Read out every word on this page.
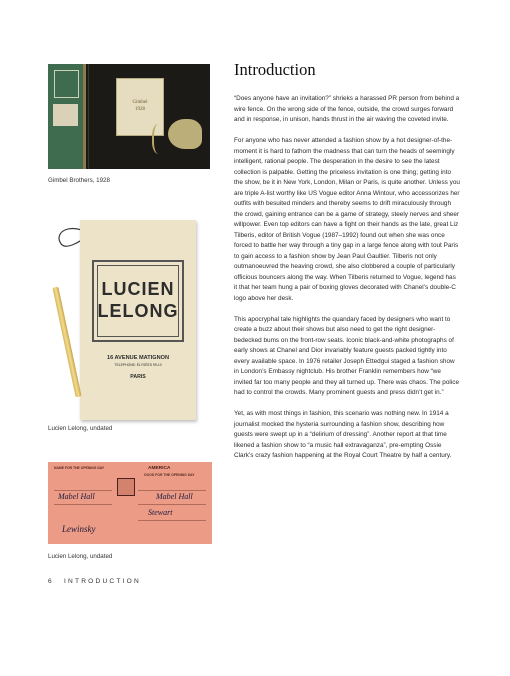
Gimbel
1928
Gimbel Brothers, 1928
LUCIEN
LELONG
16 AVENUE MATIGNON
TELEPHONE: ÉLYSÉES 99-10
PARIS
Lucien Lelong, undated
NAME FOR THE OPENING DAY	AMERICA
GOOD FOR THE OPENING DAY
Mabel Hall	Mabel Hall
Lewinsky
Stewart
Lucien Lelong, undated
Introduction

“Does anyone have an invitation?” shrieks a harassed PR person from behind a wire fence. On the wrong side of the fence, outside, the crowd surges forward and in response, in unison, hands thrust in the air waving the coveted invite.

For anyone who has never attended a fashion show by a hot designer-of-the-moment it is hard to fathom the madness that can turn the heads of seemingly intelligent, rational people. The desperation in the desire to see the latest collection is palpable. Getting the priceless invitation is one thing; getting into the show, be it in New York, London, Milan or Paris, is quite another. Unless you are triple A-list worthy like US Vogue editor Anna Wintour, who accessorizes her outfits with besuited minders and thereby seems to drift miraculously through the crowd, gaining entrance can be a game of strategy, steely nerves and sheer willpower. Even top editors can have a fight on their hands as the late, great Liz Tilberis, editor of British Vogue (1987–1992) found out when she was once forced to battle her way through a tiny gap in a large fence along with tout Paris to gain access to a fashion show by Jean Paul Gaultier. Tilberis not only outmanoeuvred the heaving crowd, she also clobbered a couple of particularly officious bouncers along the way. When Tilberis returned to Vogue, legend has it that her team hung a pair of boxing gloves decorated with Chanel’s double-C logo above her desk.

This apocryphal tale highlights the quandary faced by designers who want to create a buzz about their shows but also need to get the right designer-bedecked bums on the front-row seats. Iconic black-and-white photographs of early shows at Chanel and Dior invariably feature guests packed tightly into every available space. In 1976 retailer Joseph Ettedgui staged a fashion show in London’s Embassy nightclub. His brother Franklin remembers how “we invited far too many people and they all turned up. There was chaos. The police had to control the crowds. Many prominent guests and press didn’t get in.”

Yet, as with most things in fashion, this scenario was nothing new. In 1914 a journalist mocked the hysteria surrounding a fashion show, describing how guests were swept up in a “delirium of dressing”. Another report at that time likened a fashion show to “a music hall extravaganza”, pre-empting Ossie Clark’s crazy fashion happening at the Royal Court Theatre by half a century.

6 INTRODUCTION
